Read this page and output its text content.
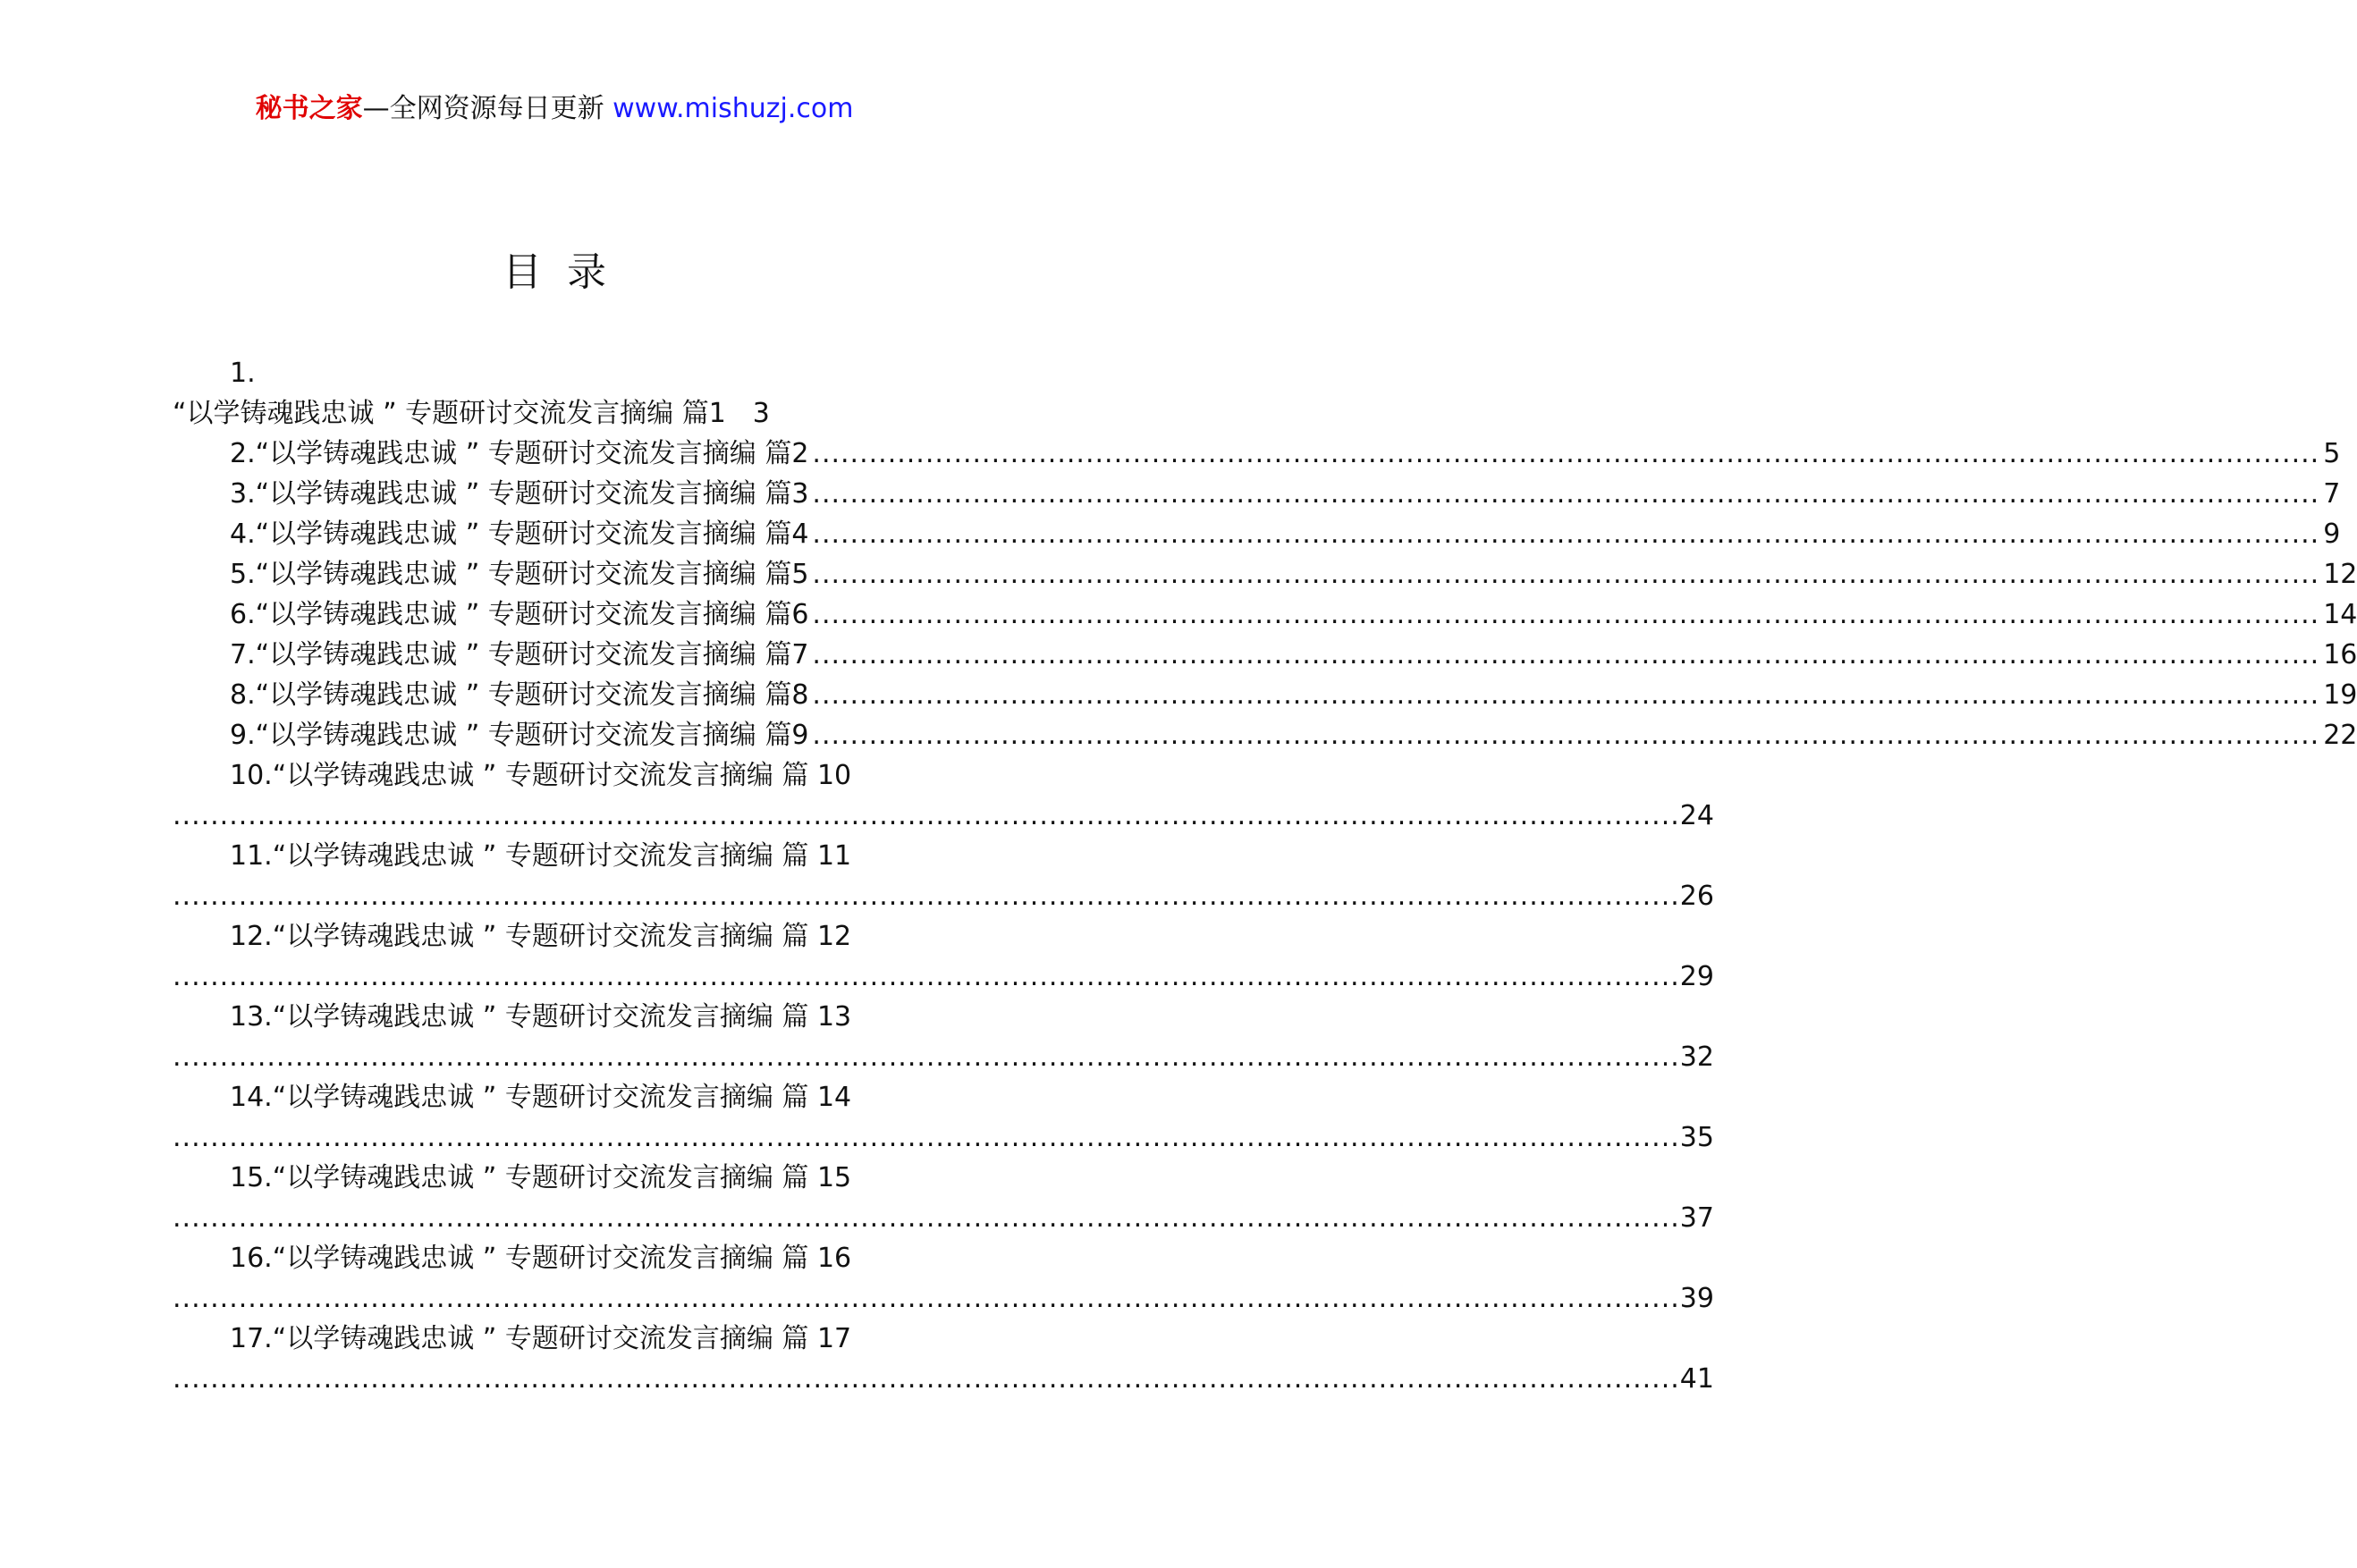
秘书之家—全网资源每日更新 www.mishuzj.com
目录
1.
“以学铸魂践忠诚 ” 专题研讨交流发言摘编 篇1 3
2.“以学铸魂践忠诚 ” 专题研讨交流发言摘编 篇2 ................................................................................................................................................................ 5
3.“以学铸魂践忠诚 ” 专题研讨交流发言摘编 篇3 ................................................................................................................................................................ 7
4.“以学铸魂践忠诚 ” 专题研讨交流发言摘编 篇4 ................................................................................................................................................................ 9
5.“以学铸魂践忠诚 ” 专题研讨交流发言摘编 篇5 ................................................................................................................................................................ 12
6.“以学铸魂践忠诚 ” 专题研讨交流发言摘编 篇6 ................................................................................................................................................................ 14
7.“以学铸魂践忠诚 ” 专题研讨交流发言摘编 篇7 ................................................................................................................................................................ 16
8.“以学铸魂践忠诚 ” 专题研讨交流发言摘编 篇8 ................................................................................................................................................................ 19
9.“以学铸魂践忠诚 ” 专题研讨交流发言摘编 篇9 ................................................................................................................................................................ 22
10.“以学铸魂践忠诚 ” 专题研讨交流发言摘编 篇 10
................................................................................................................................................................ 24
11.“以学铸魂践忠诚 ” 专题研讨交流发言摘编 篇 11
................................................................................................................................................................ 26
12.“以学铸魂践忠诚 ” 专题研讨交流发言摘编 篇 12
................................................................................................................................................................ 29
13.“以学铸魂践忠诚 ” 专题研讨交流发言摘编 篇 13
................................................................................................................................................................ 32
14.“以学铸魂践忠诚 ” 专题研讨交流发言摘编 篇 14
................................................................................................................................................................ 35
15.“以学铸魂践忠诚 ” 专题研讨交流发言摘编 篇 15
................................................................................................................................................................ 37
16.“以学铸魂践忠诚 ” 专题研讨交流发言摘编 篇 16
................................................................................................................................................................ 39
17.“以学铸魂践忠诚 ” 专题研讨交流发言摘编 篇 17
................................................................................................................................................................ 41
